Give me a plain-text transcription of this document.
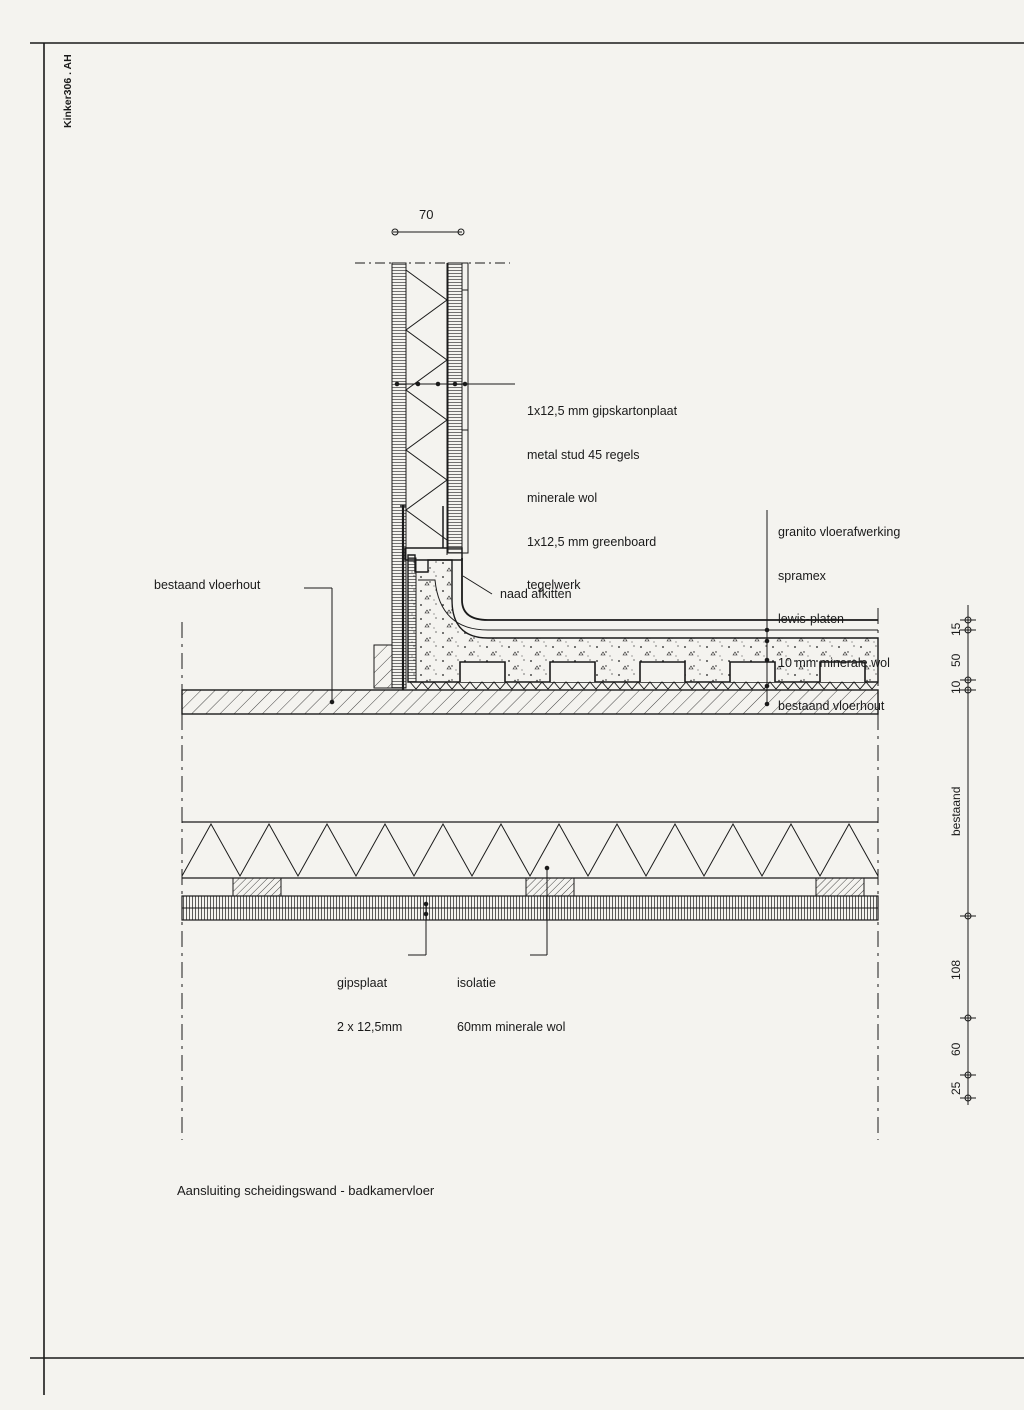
Kinker306 . AH
70

1x12,5 mm gipskartonplaat

metal stud 45 regels

minerale wol

1x12,5 mm greenboard

tegelwerk

granito vloerafwerking

spramex

lewis-platen

10 mm minerale wol

bestaand vloerhout

bestaand vloerhout
naad afkitten

gipsplaat

2 x 12,5mm

isolatie

60mm minerale wol

15
50
10
bestaand
108
60
25
Aansluiting scheidingswand - badkamervloer
